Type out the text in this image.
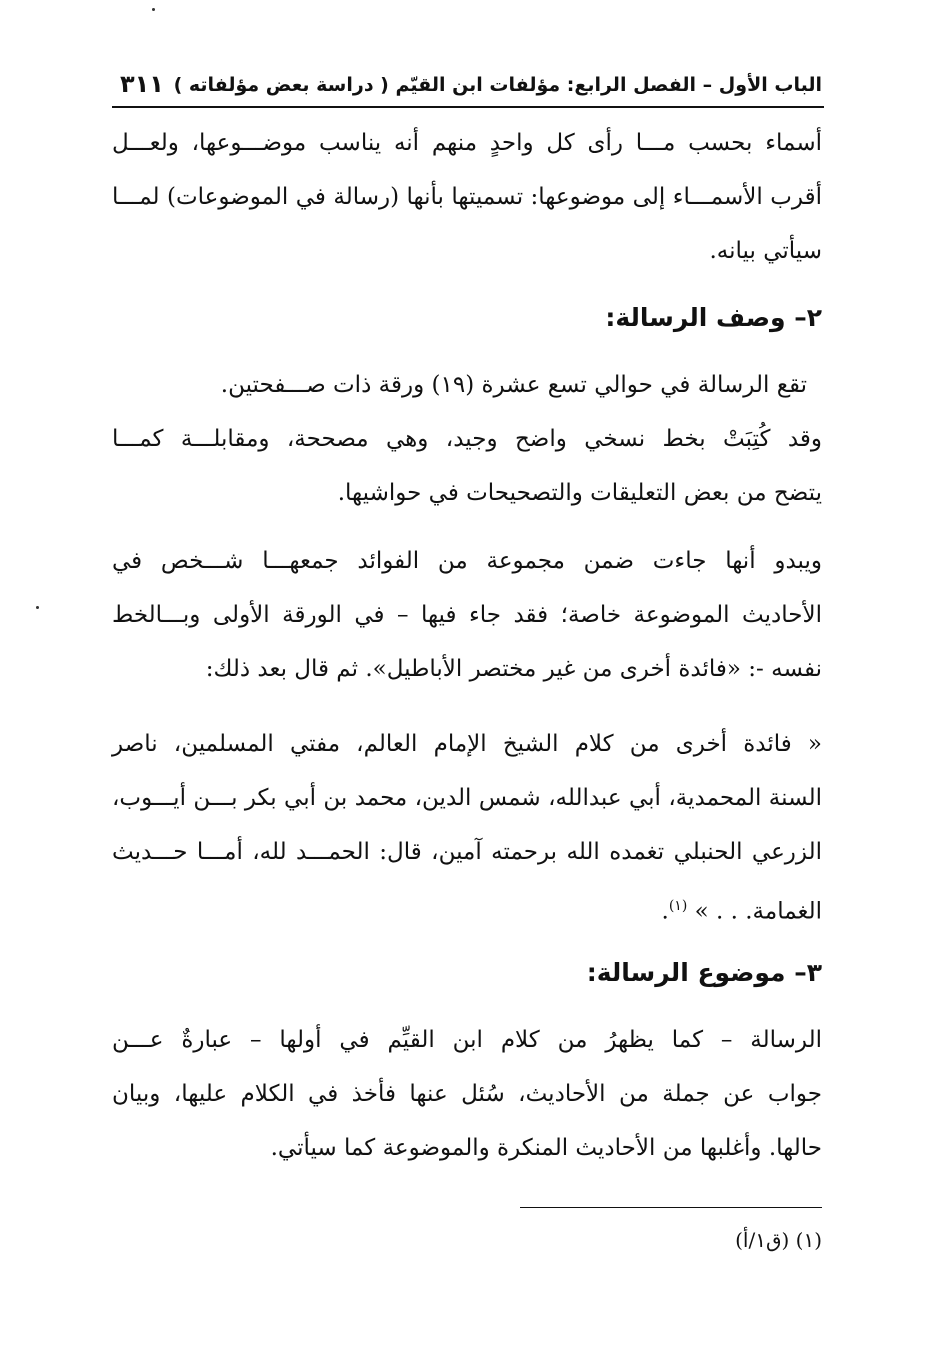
الباب الأول – الفصل الرابع: مؤلفات ابن القيّم ( دراسة بعض مؤلفاته )
٣١١
أسماء بحسب مـــا رأى كل واحدٍ منهم أنه يناسب موضـــوعها، ولعـــل
أقرب الأسمـــاء إلى موضوعها: تسميتها بأنها (رسالة في الموضوعات) لمـــا
سيأتي بيانه.
٢– وصف الرسالة:
تقع الرسالة في حوالي تسع عشرة (١٩) ورقة ذات صـــفحتين.
وقد كُتِبَتْ بخط نسخي واضح وجيد، وهي مصححة، ومقابلـــة كمـــا
يتضح من بعض التعليقات والتصحيحات في حواشيها.
ويبدو أنها جاءت ضمن مجموعة من الفوائد جمعهـــا شـــخص في
الأحاديث الموضوعة خاصة؛ فقد جاء فيها – في الورقة الأولى وبـــالخط
نفسه -: «فائدة أخرى من غير مختصر الأباطيل». ثم قال بعد ذلك:
« فائدة أخرى من كلام الشيخ الإمام العالم، مفتي المسلمين، ناصر
السنة المحمدية، أبي عبدالله، شمس الدين، محمد بن أبي بكر بـــن أيـــوب،
الزرعي الحنبلي تغمده الله برحمته آمين، قال: الحمـــد لله، أمـــا حـــديث
الغمامة. . . » $^{(١)}$.
٣– موضوع الرسالة:
الرسالة – كما يظهرُ من كلام ابن القيِّم في أولها – عبارةٌ عـــن
جواب عن جملة من الأحاديث، سُئل عنها فأخذ في الكلام عليها، وبيان
حالها. وأغلبها من الأحاديث المنكرة والموضوعة كما سيأتي.
(١) (ق١/أ)
